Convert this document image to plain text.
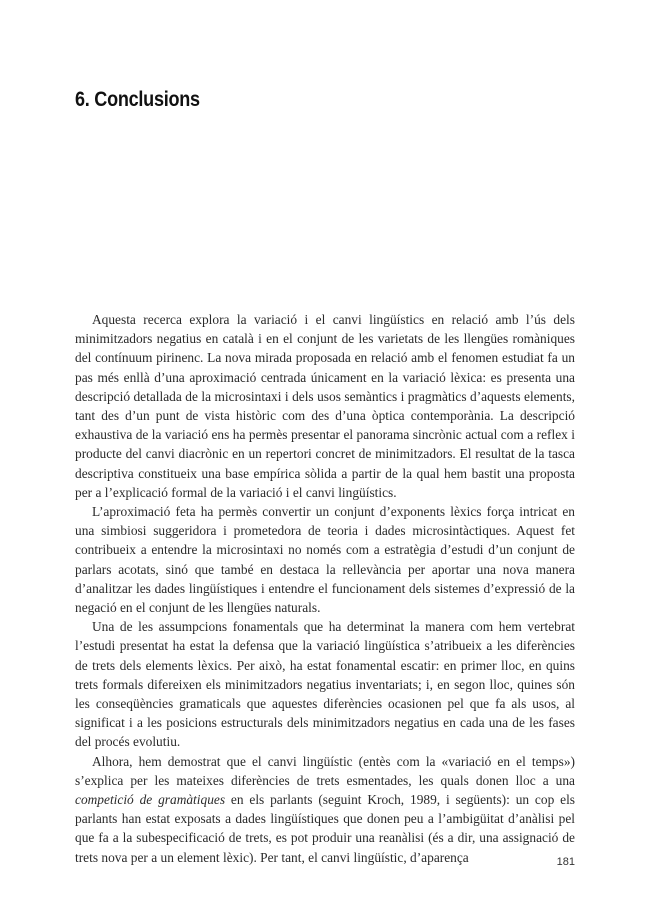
6. Conclusions

Aquesta recerca explora la variació i el canvi lingüístics en relació amb l’ús dels minimitzadors negatius en català i en el conjunt de les varietats de les llengües romàniques del contínuum pirinenc. La nova mirada proposada en relació amb el fenomen estudiat fa un pas més enllà d’una aproximació centrada únicament en la variació lèxica: es presenta una descripció detallada de la microsintaxi i dels usos semàntics i pragmàtics d’aquests elements, tant des d’un punt de vista històric com des d’una òptica contemporània. La descripció exhaustiva de la variació ens ha permès presentar el panorama sincrònic actual com a reflex i producte del canvi diacrònic en un repertori concret de minimitzadors. El resultat de la tasca descriptiva constitueix una base empírica sòlida a partir de la qual hem bastit una proposta per a l’explicació formal de la variació i el canvi lingüístics.

L’aproximació feta ha permès convertir un conjunt d’exponents lèxics força intricat en una simbiosi suggeridora i prometedora de teoria i dades microsintàctiques. Aquest fet contribueix a entendre la microsintaxi no només com a estratègia d’estudi d’un conjunt de parlars acotats, sinó que també en destaca la rellevància per aportar una nova manera d’analitzar les dades lingüístiques i entendre el funcionament dels sistemes d’expressió de la negació en el conjunt de les llengües naturals.

Una de les assumpcions fonamentals que ha determinat la manera com hem vertebrat l’estudi presentat ha estat la defensa que la variació lingüística s’atribueix a les diferències de trets dels elements lèxics. Per això, ha estat fonamental escatir: en primer lloc, en quins trets formals difereixen els minimitzadors negatius inventariats; i, en segon lloc, quines són les conseqüències gramaticals que aquestes diferències ocasionen pel que fa als usos, al significat i a les posicions estructurals dels minimitzadors negatius en cada una de les fases del procés evolutiu.

Alhora, hem demostrat que el canvi lingüístic (entès com la «variació en el temps») s’explica per les mateixes diferències de trets esmentades, les quals donen lloc a una competició de gramàtiques en els parlants (seguint Kroch, 1989, i següents): un cop els parlants han estat exposats a dades lingüístiques que donen peu a l’ambigüitat d’anàlisi pel que fa a la subespecificació de trets, es pot produir una reanàlisi (és a dir, una assignació de trets nova per a un element lèxic). Per tant, el canvi lingüístic, d’aparença	181
